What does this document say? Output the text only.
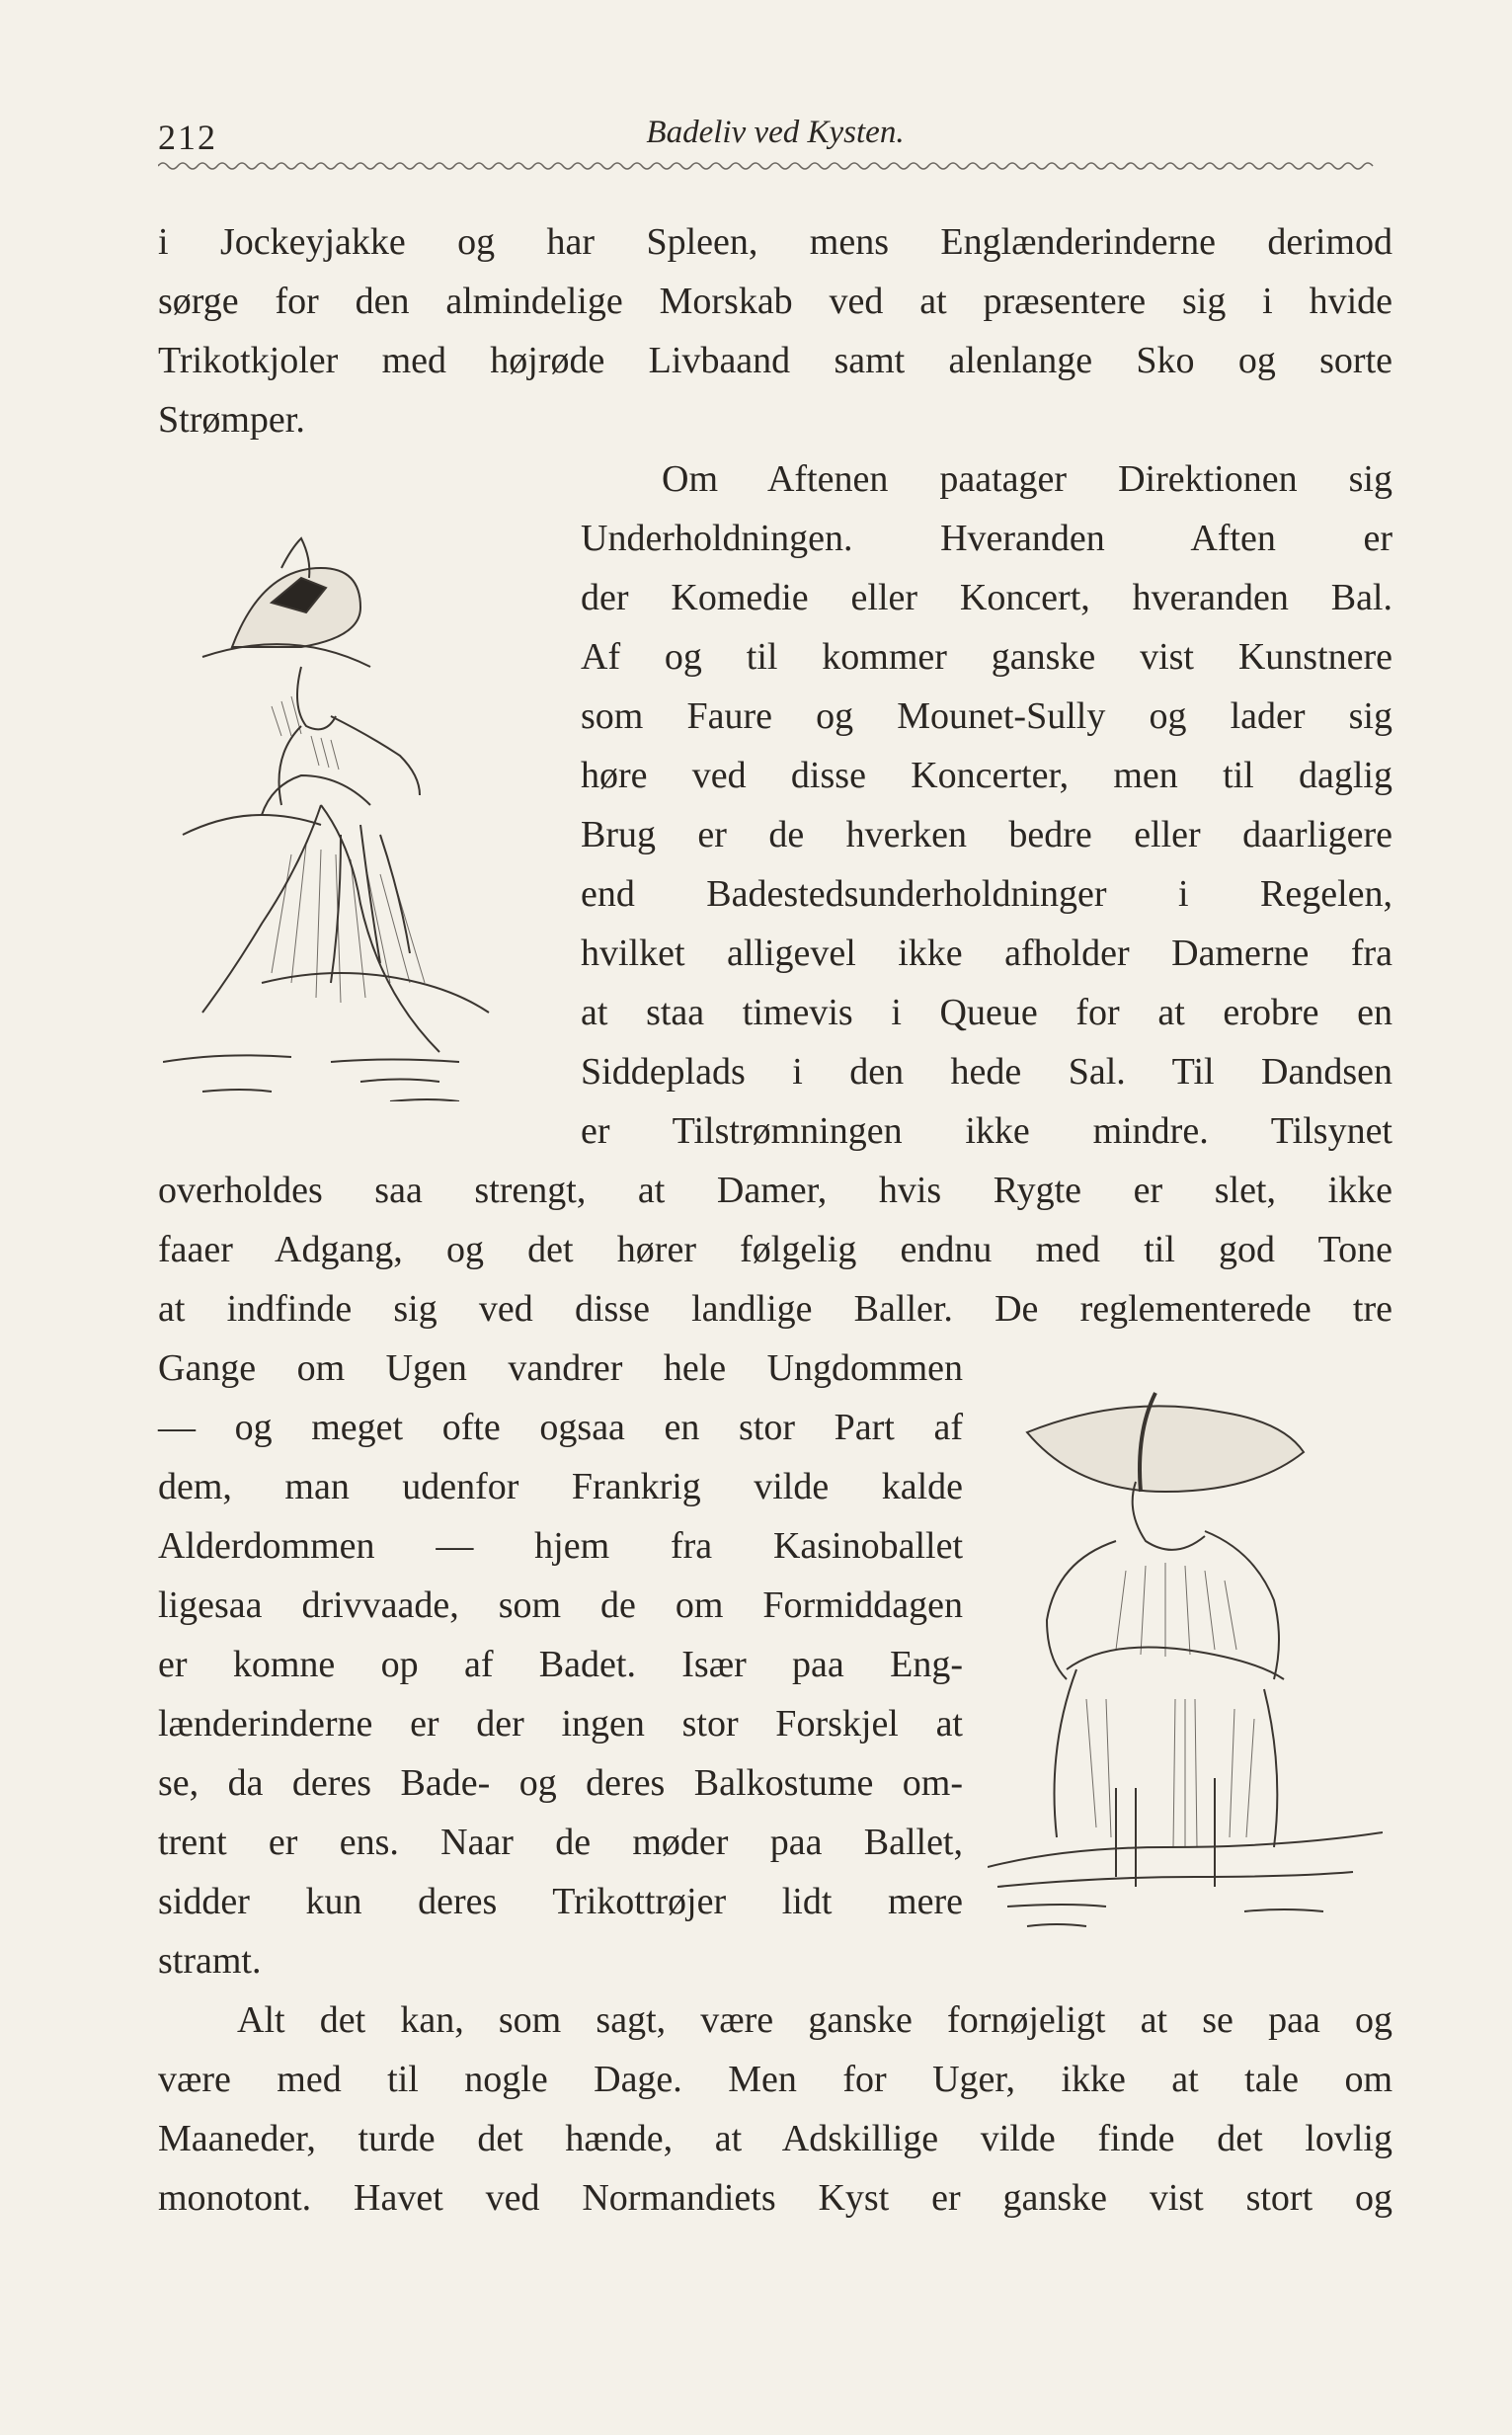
212	Badeliv ved Kysten.
i Jockeyjakke og har Spleen, mens Englænderinderne derimod
sørge for den almindelige Morskab ved at præsentere sig i hvide
Trikotkjoler med højrøde Livbaand samt alenlange Sko og sorte
Strømper.
Om Aftenen paatager Direktionen sig
Underholdningen. Hveranden Aften er
der Komedie eller Koncert, hveranden Bal.
Af og til kommer ganske vist Kunstnere
som Faure og Mounet-Sully og lader sig
høre ved disse Koncerter, men til daglig
Brug er de hverken bedre eller daarligere
end Badestedsunderholdninger i Regelen,
hvilket alligevel ikke afholder Damerne fra
at staa timevis i Queue for at erobre en
Siddeplads i den hede Sal. Til Dandsen
er Tilstrømningen ikke mindre. Tilsynet
overholdes saa strengt, at Damer, hvis Rygte er slet, ikke
faaer Adgang, og det hører følgelig endnu med til god Tone
at indfinde sig ved disse landlige Baller. De reglementerede tre
Gange om Ugen vandrer hele Ungdommen
— og meget ofte ogsaa en stor Part af
dem, man udenfor Frankrig vilde kalde
Alderdommen — hjem fra Kasinoballet
ligesaa drivvaade, som de om Formiddagen
er komne op af Badet. Især paa Eng-
lænderinderne er der ingen stor Forskjel at
se, da deres Bade- og deres Balkostume om-
trent er ens. Naar de møder paa Ballet,
sidder kun deres Trikottrøjer lidt mere
stramt.
Alt det kan, som sagt, være ganske fornøjeligt at se paa og
være med til nogle Dage. Men for Uger, ikke at tale om
Maaneder, turde det hænde, at Adskillige vilde finde det lovlig
monotont. Havet ved Normandiets Kyst er ganske vist stort og
